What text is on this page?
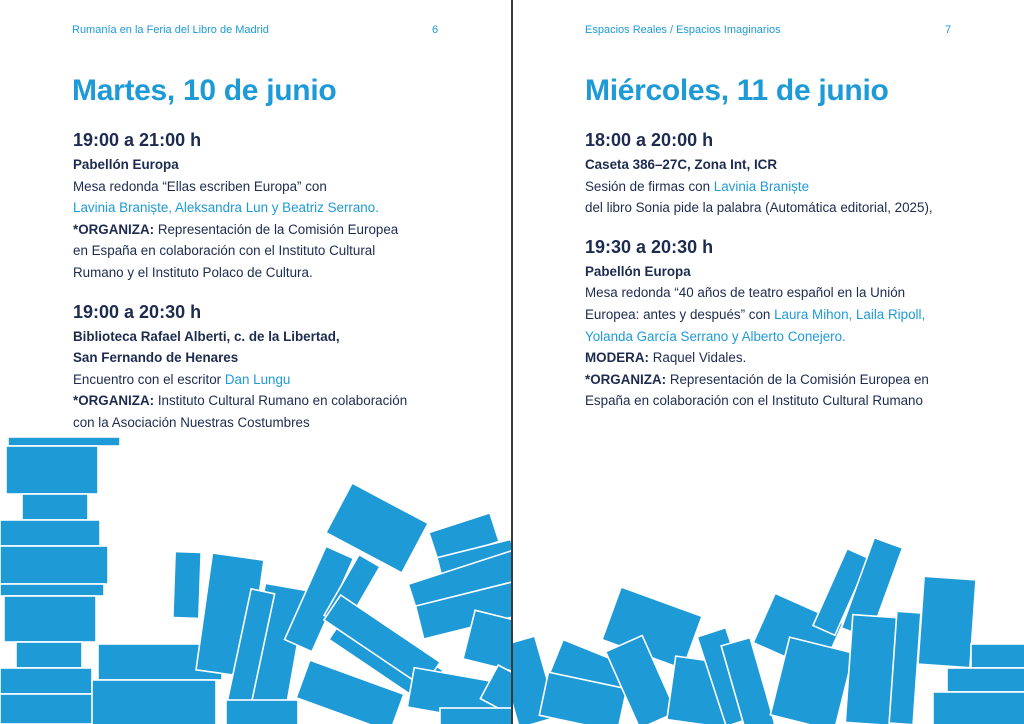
Rumanía en la Feria del Libro de Madrid	6
Martes, 10 de junio
19:00 a 21:00 h
Pabellón Europa
Mesa redonda “Ellas escriben Europa” con
Lavinia Braniște, Aleksandra Lun y Beatriz Serrano.
*ORGANIZA: Representación de la Comisión Europea
en España en colaboración con el Instituto Cultural
Rumano y el Instituto Polaco de Cultura.
19:00 a 20:30 h
Biblioteca Rafael Alberti, c. de la Libertad,
San Fernando de Henares
Encuentro con el escritor Dan Lungu
*ORGANIZA: Instituto Cultural Rumano en colaboración
con la Asociación Nuestras Costumbres
Espacios Reales / Espacios Imaginarios	7
Miércoles, 11 de junio
18:00 a 20:00 h
Caseta 386–27C, Zona Int, ICR
Sesión de firmas con Lavinia Braniște
del libro Sonia pide la palabra (Automática editorial, 2025),
19:30 a 20:30 h
Pabellón Europa
Mesa redonda “40 años de teatro español en la Unión
Europea: antes y después” con Laura Mihon, Laila Ripoll,
Yolanda García Serrano y Alberto Conejero.
MODERA: Raquel Vidales.
*ORGANIZA: Representación de la Comisión Europea en
España en colaboración con el Instituto Cultural Rumano
